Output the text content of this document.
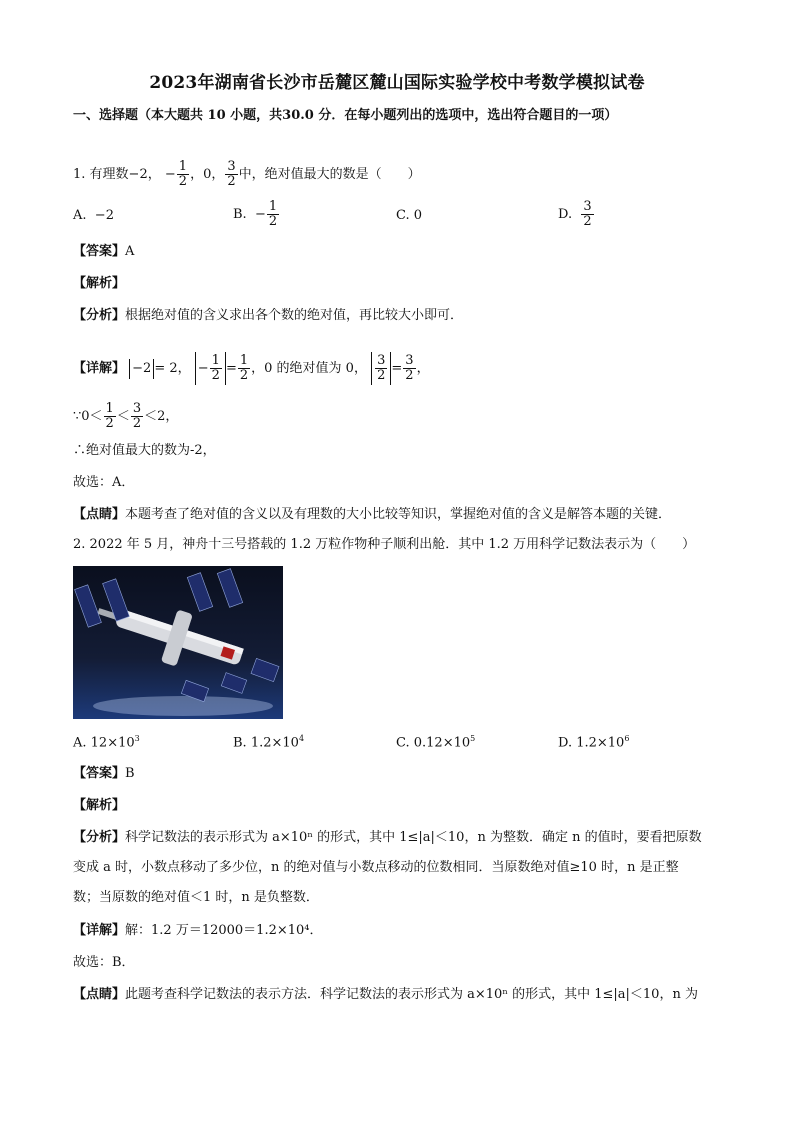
2023年湖南省长沙市岳麓区麓山国际实验学校中考数学模拟试卷
一、选择题（本大题共 10 小题，共30.0 分．在每小题列出的选项中，选出符合题目的一项）
1. 有理数−2， − $\frac{1}{2}$ ，0， $\frac{3}{2}$ 中，绝对值最大的数是（　　）
A. −2	B. − $\frac{1}{2}$	C. 0	D. $\frac{3}{2}$
【答案】A
【解析】
【分析】根据绝对值的含义求出各个数的绝对值，再比较大小即可．
【详解】 −2 = 2， − $\frac{1}{2} = \frac{1}{2}$ ，0 的绝对值为 0， $\frac{3}{2} = \frac{3}{2}$ ，
∵0＜ $\frac{1}{2} < \frac{3}{2} <2$，
∴绝对值最大的数为-2，
故选：A．
【点睛】本题考查了绝对值的含义以及有理数的大小比较等知识，掌握绝对值的含义是解答本题的关键．
2. 2022 年 5 月，神舟十三号搭载的 1.2 万粒作物种子顺利出舱．其中 1.2 万用科学记数法表示为（　　）
A. $12\times 10^3$	B. $1.2\times 10^4$	C. $0.12\times 10^5$	D. $1.2\times 10^6$
【答案】B
【解析】
【分析】科学记数法的表示形式为 a×10ⁿ 的形式，其中 1≤|a|＜10，n 为整数．确定 n 的值时，要看把原数
变成 a 时，小数点移动了多少位，n 的绝对值与小数点移动的位数相同．当原数绝对值≥10 时，n 是正整
数；当原数的绝对值＜1 时，n 是负整数．
【详解】解：1.2 万＝12000＝1.2×10⁴．
故选：B．
【点睛】此题考查科学记数法的表示方法．科学记数法的表示形式为 a×10ⁿ 的形式，其中 1≤|a|＜10，n 为
